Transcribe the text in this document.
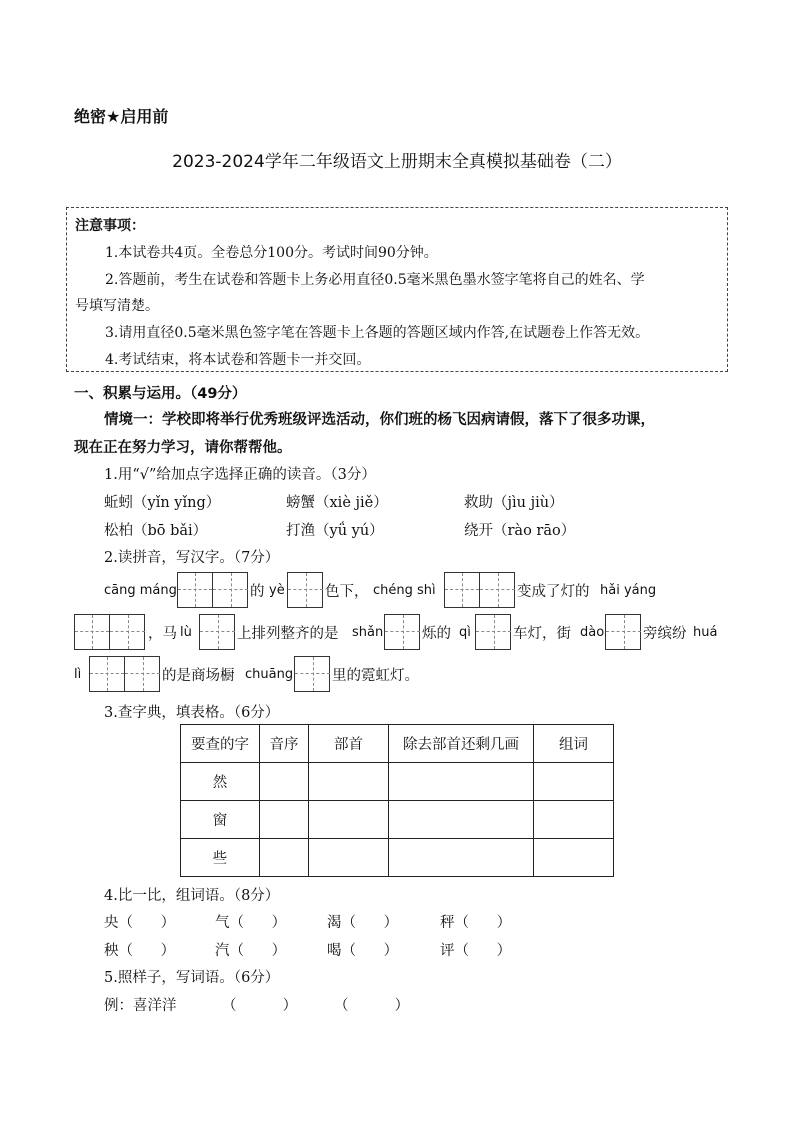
绝密★启用前
2023-2024学年二年级语文上册期末全真模拟基础卷（二）
注意事项：
1.本试卷共4页。全卷总分100分。考试时间90分钟。
2.答题前，考生在试卷和答题卡上务必用直径0.5毫米黑色墨水签字笔将自己的姓名、学
号填写清楚。
3.请用直径0.5毫米黑色签字笔在答题卡上各题的答题区域内作答,在试题卷上作答无效。
4.考试结束，将本试卷和答题卡一并交回。
一、积累与运用。（49分）
情境一：学校即将举行优秀班级评选活动，你们班的杨飞因病请假，落下了很多功课，
现在正在努力学习，请你帮帮他。
1.用“√”给加点字选择正确的读音。（3分）
蚯蚓（yǐn yǐng）	螃蟹（xiè jiě）	救助（jìu jiù）
松柏（bō bǎi）	打渔（yǘ yú）	绕开（rào rāo）
2.读拼音，写汉字。（7分）
cāng máng	的 yè	色下， chéng shì	变成了灯的 hǎi yáng
，马 lù	上排列整齐的是 shǎn	烁的 qì	车灯，街 dào	旁缤纷 huá
lì	的是商场橱 chuāng	里的霓虹灯。
3.查字典，填表格。（6分）
要查的字	音序	部首	除去部首还剩几画	组词
然				
窗				
些				
4.比一比，组词语。（8分）
央（      ）	气（      ）	渴（      ）	秤（      ）
秧（      ）	汽（      ）	喝（      ）	评（      ）
5.照样子，写词语。（6分）
例：喜洋洋	（          ）	（          ）
